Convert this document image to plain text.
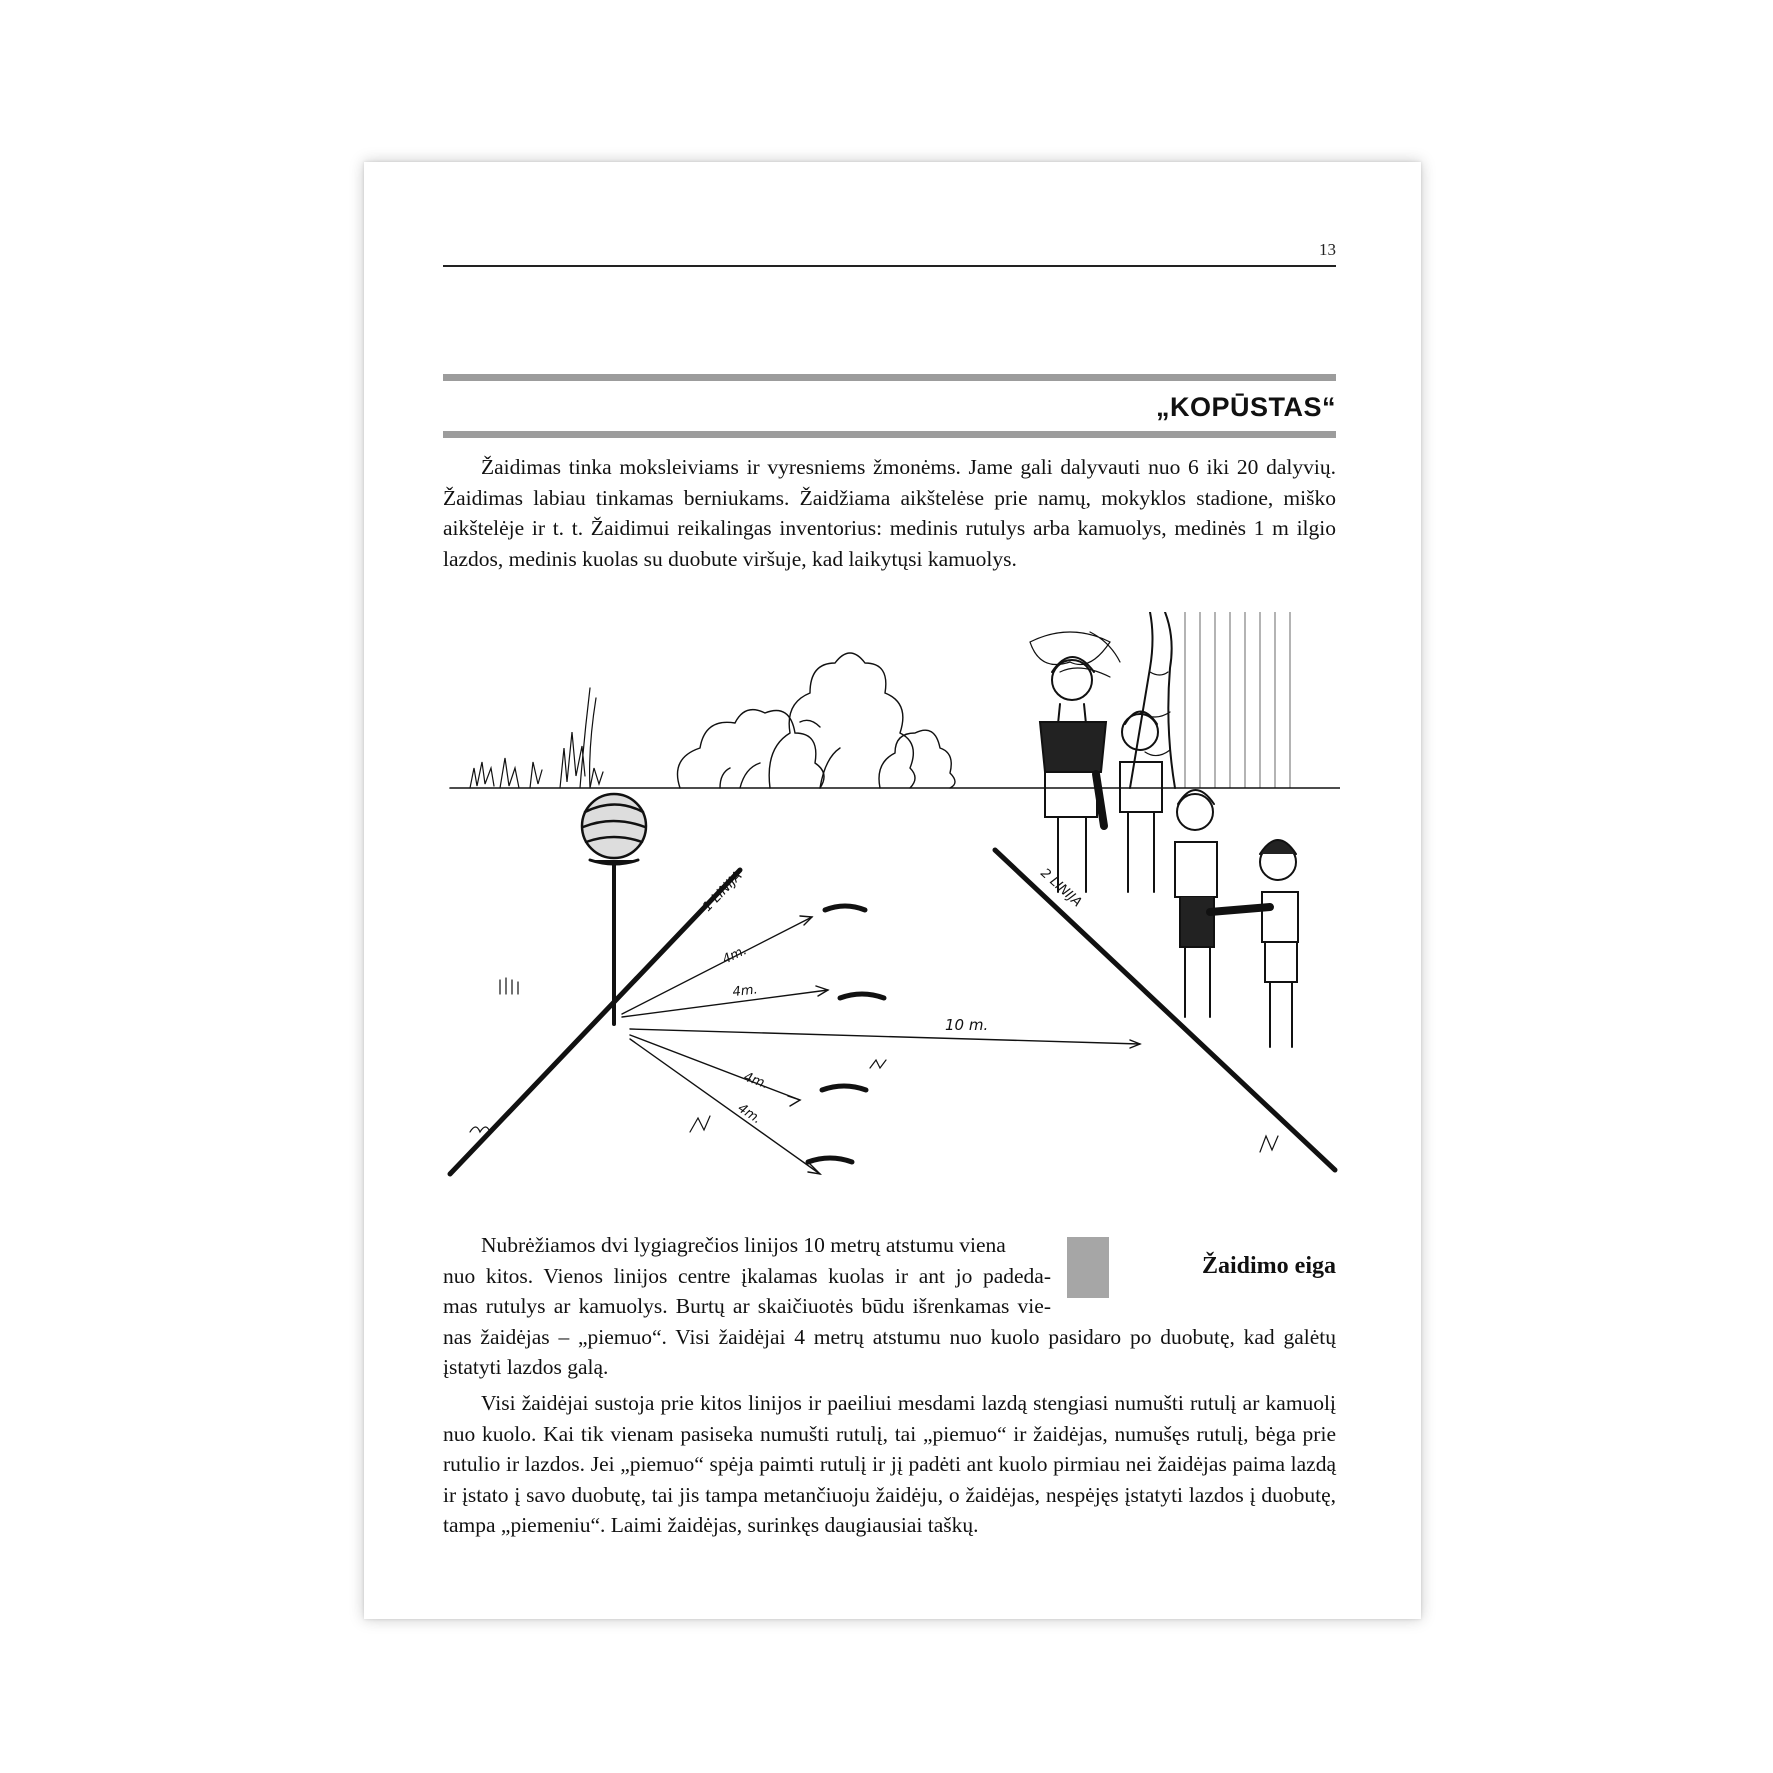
13
„KOPŪSTAS“

Žaidimas tinka moksleiviams ir vyresniems žmonėms. Jame gali dalyvauti nuo 6 iki 20 dalyvių. Žaidimas labiau tinkamas berniukams. Žaidžiama aikštelėse prie namų, mokyklos stadione, miško aikštelėje ir t. t. Žaidimui reikalingas inventorius: medinis rutulys arba kamuolys, medinės 1 m ilgio lazdos, medinis kuolas su duobute viršuje, kad laikytųsi kamuolys.

1 LINIJA	2 LINIJA
4m.
4m.
10 m.
4m.
4m.
Žaidimo eiga
Nubrėžiamos dvi lygiagrečios linijos 10 metrų atstumu viena
nuo kitos. Vienos linijos centre įkalamas kuolas ir ant jo padeda-
mas rutulys ar kamuolys. Burtų ar skaičiuotės būdu išrenkamas vie-
nas žaidėjas – „piemuo“. Visi žaidėjai 4 metrų atstumu nuo kuolo pasidaro po duobutę, kad galėtų įstatyti lazdos galą.

Visi žaidėjai sustoja prie kitos linijos ir paeiliui mesdami lazdą stengiasi numušti rutulį ar kamuolį nuo kuolo. Kai tik vienam pasiseka numušti rutulį, tai „piemuo“ ir žaidėjas, numušęs rutulį, bėga prie rutulio ir lazdos. Jei „piemuo“ spėja paimti rutulį ir jį padėti ant kuolo pirmiau nei žaidėjas paima lazdą ir įstato į savo duobutę, tai jis tampa metančiuoju žaidėju, o žaidėjas, nespėjęs įstatyti lazdos į duobutę, tampa „piemeniu“. Laimi žaidėjas, surinkęs daugiausiai taškų.
